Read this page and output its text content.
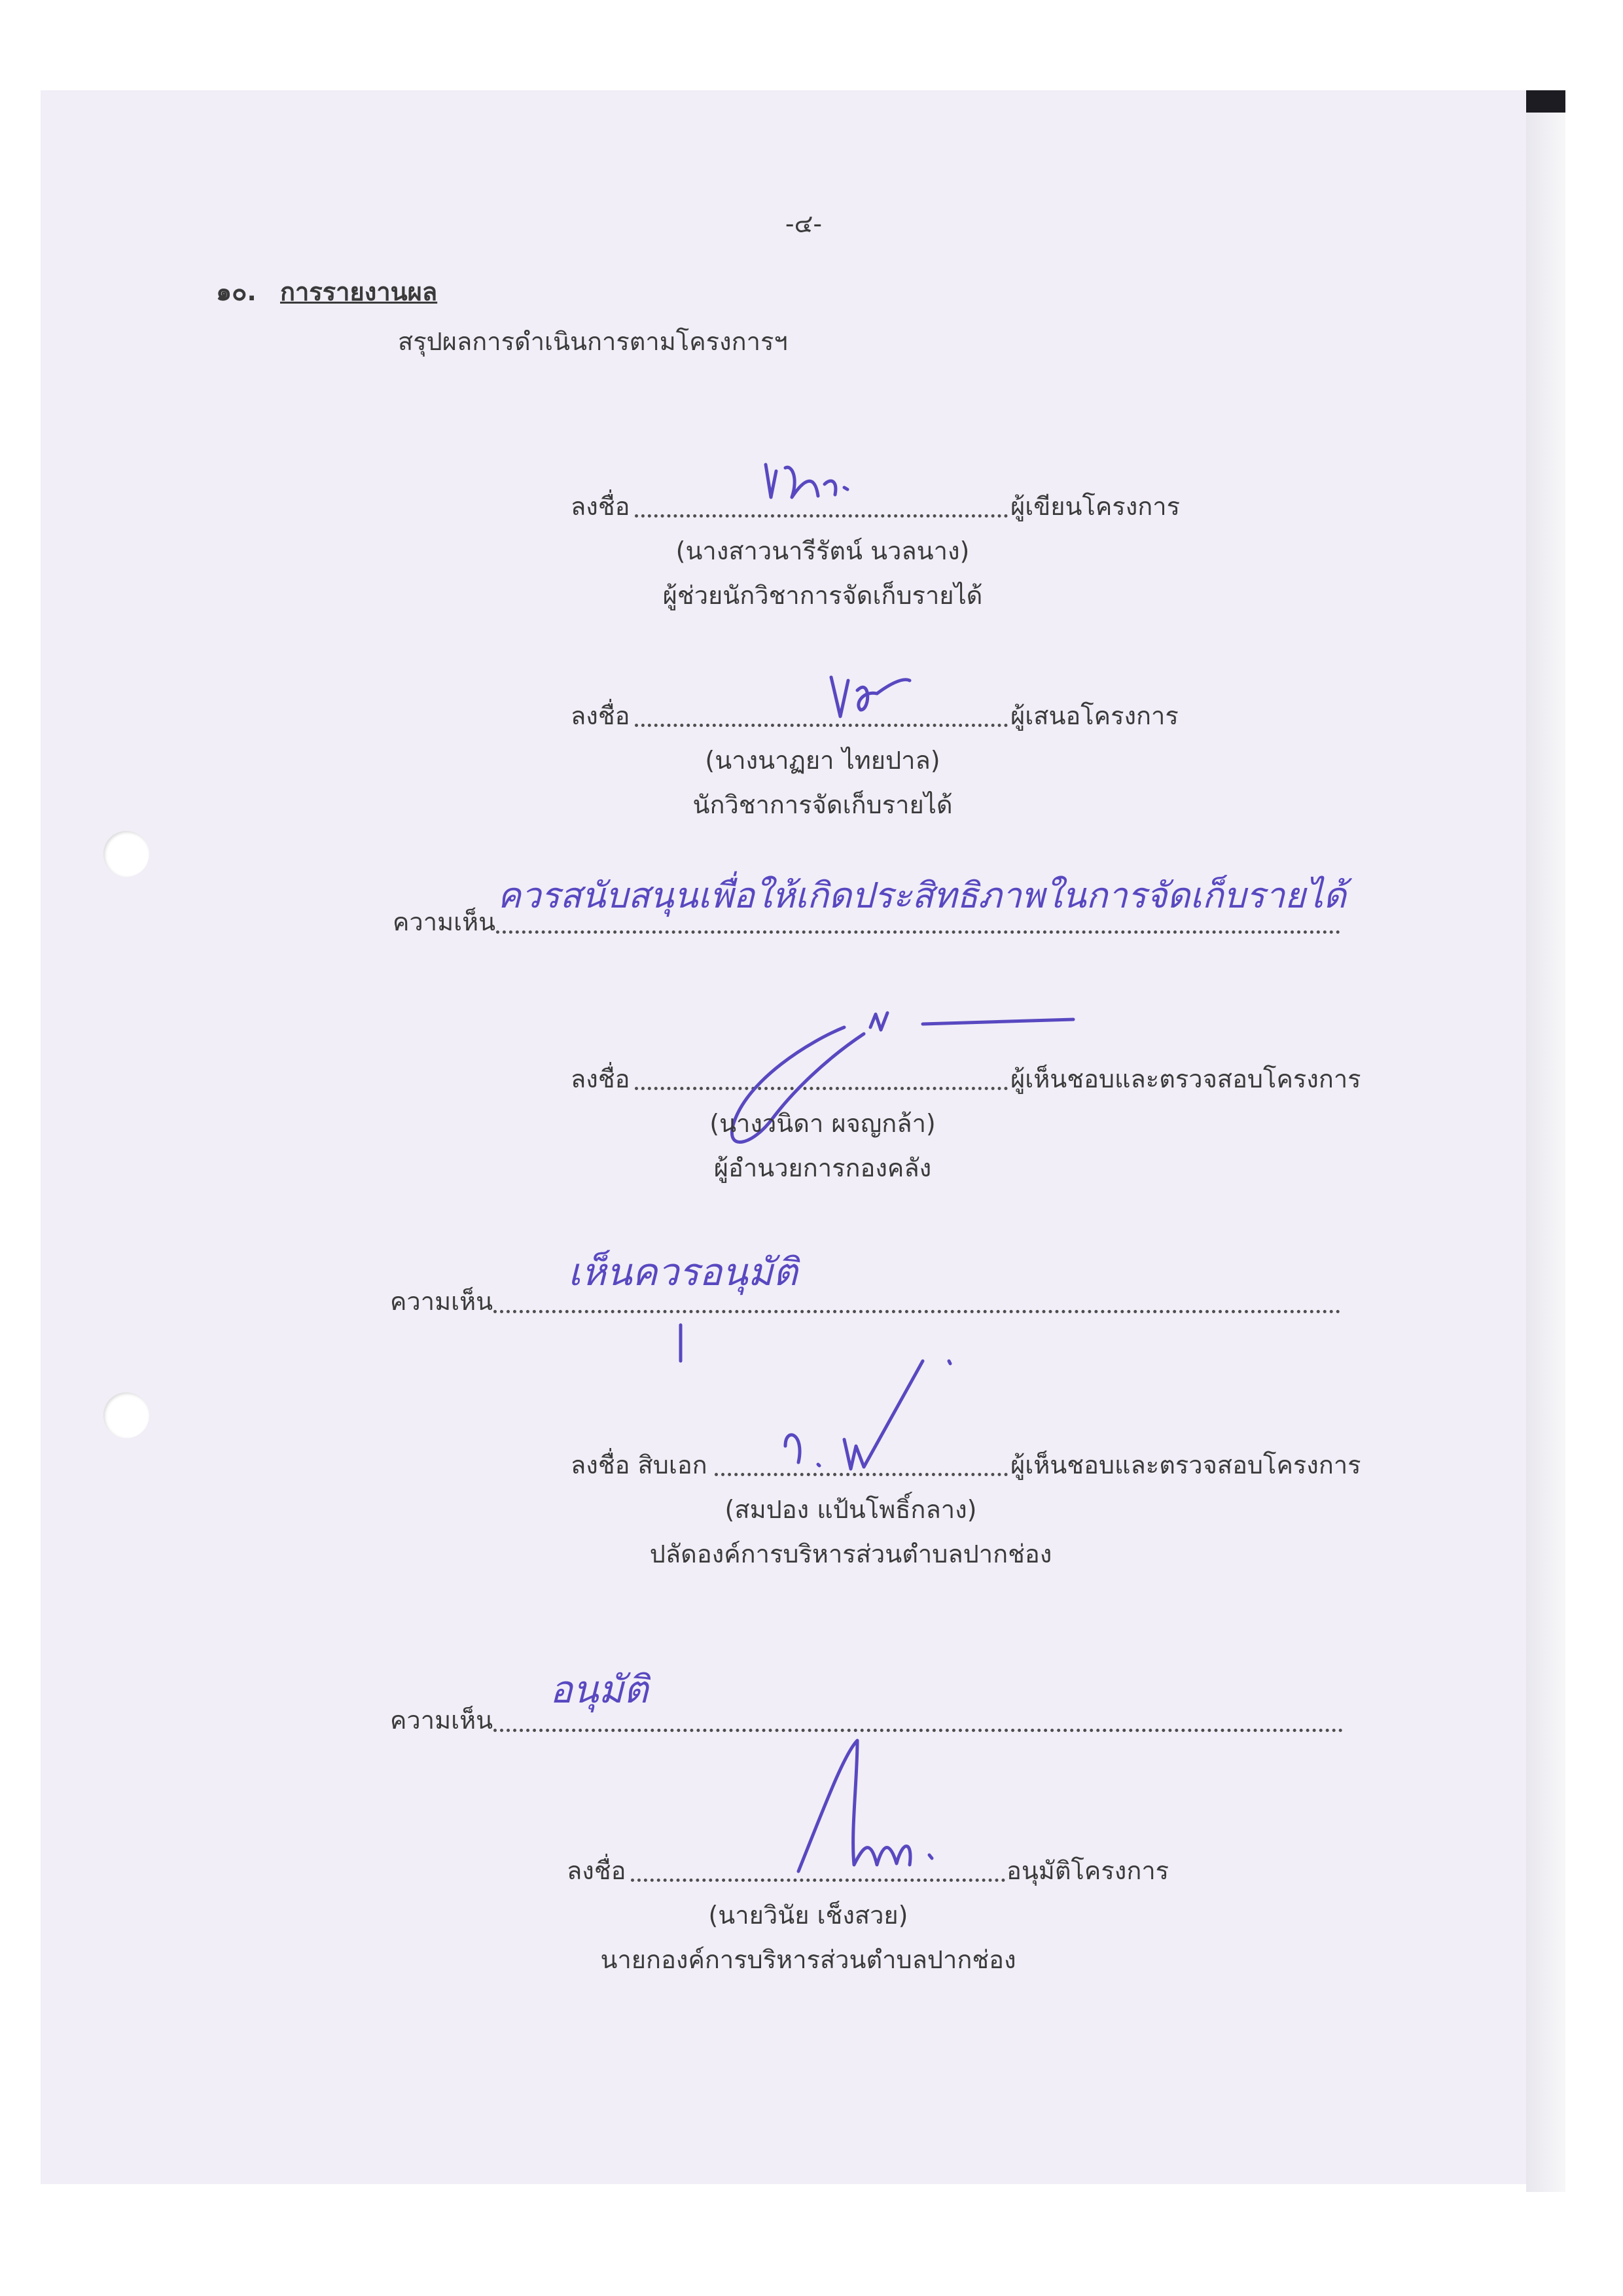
-๔-
๑๐. การรายงานผล
สรุปผลการดำเนินการตามโครงการฯ
ลงชื่อ	ผู้เขียนโครงการ
(นางสาวนารีรัตน์ นวลนาง)
ผู้ช่วยนักวิชาการจัดเก็บรายได้
ลงชื่อ	ผู้เสนอโครงการ
(นางนาฏยา ไทยปาล)
นักวิชาการจัดเก็บรายได้
ความเห็น
ควรสนับสนุนเพื่อให้เกิดประสิทธิภาพในการจัดเก็บรายได้
ลงชื่อ	ผู้เห็นชอบและตรวจสอบโครงการ
(นางวนิดา ผจญกล้า)
ผู้อำนวยการกองคลัง
ความเห็น
เห็นควรอนุมัติ
ลงชื่อ สิบเอก	ผู้เห็นชอบและตรวจสอบโครงการ
(สมปอง แป้นโพธิ์กลาง)
ปลัดองค์การบริหารส่วนตำบลปากช่อง
ความเห็น
อนุมัติ
ลงชื่อ	อนุมัติโครงการ
(นายวินัย เช็งสวย)
นายกองค์การบริหารส่วนตำบลปากช่อง
